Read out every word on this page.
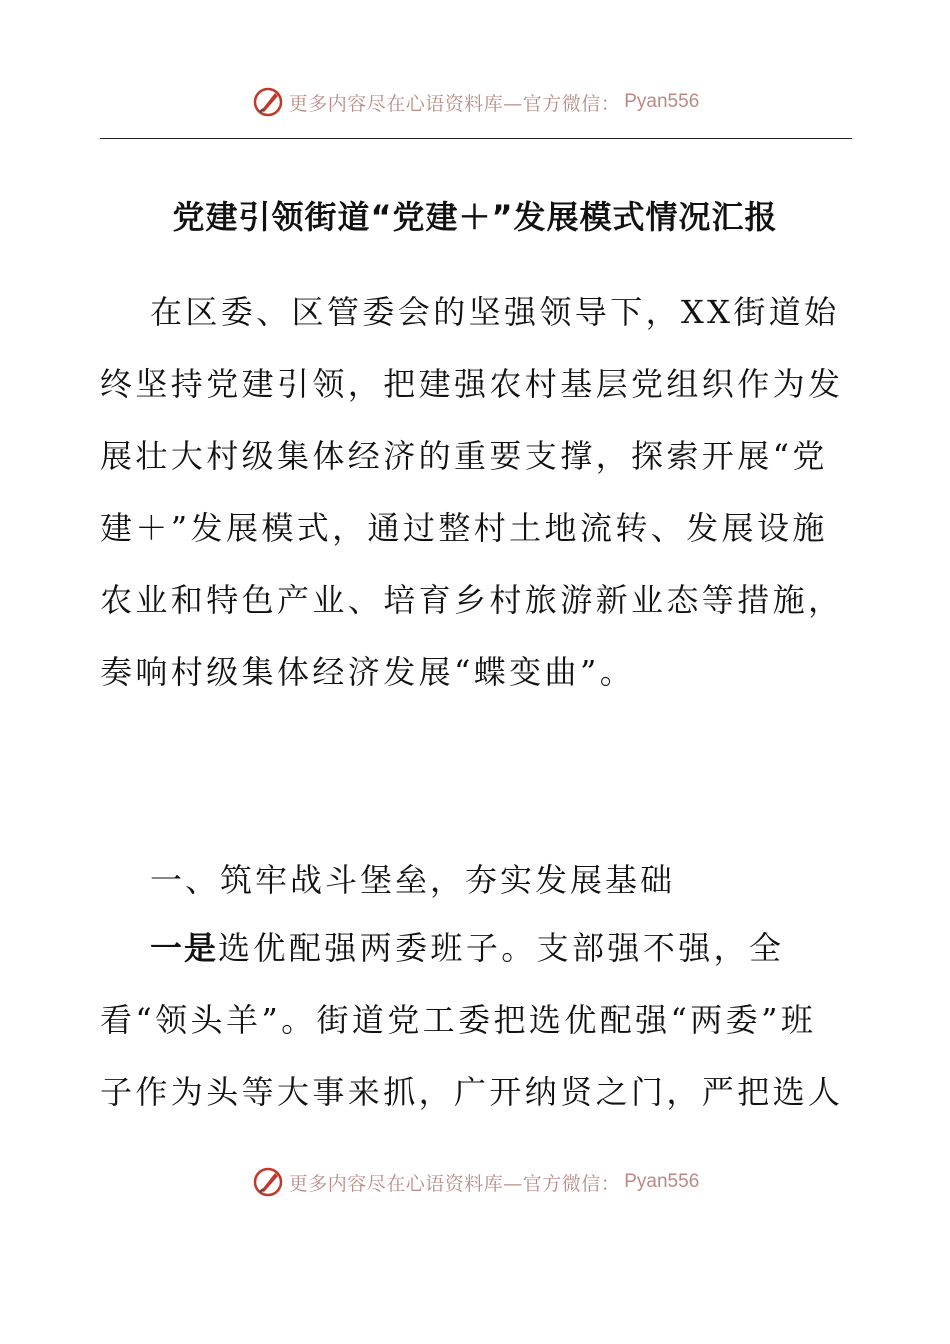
更多内容尽在心语资料库—官方微信： Pyan556
党建引领街道“党建＋”发展模式情况汇报

在区委、区管委会的坚强领导下，XX街道始终坚持党建引领，把建强农村基层党组织作为发展壮大村级集体经济的重要支撑，探索开展“党建＋”发展模式，通过整村土地流转、发展设施农业和特色产业、培育乡村旅游新业态等措施，奏响村级集体经济发展“蝶变曲”。

一、筑牢战斗堡垒，夯实发展基础

一是选优配强两委班子。支部强不强，全看“领头羊”。街道党工委把选优配强“两委”班子作为头等大事来抓，广开纳贤之门，严把选人

更多内容尽在心语资料库—官方微信： Pyan556
